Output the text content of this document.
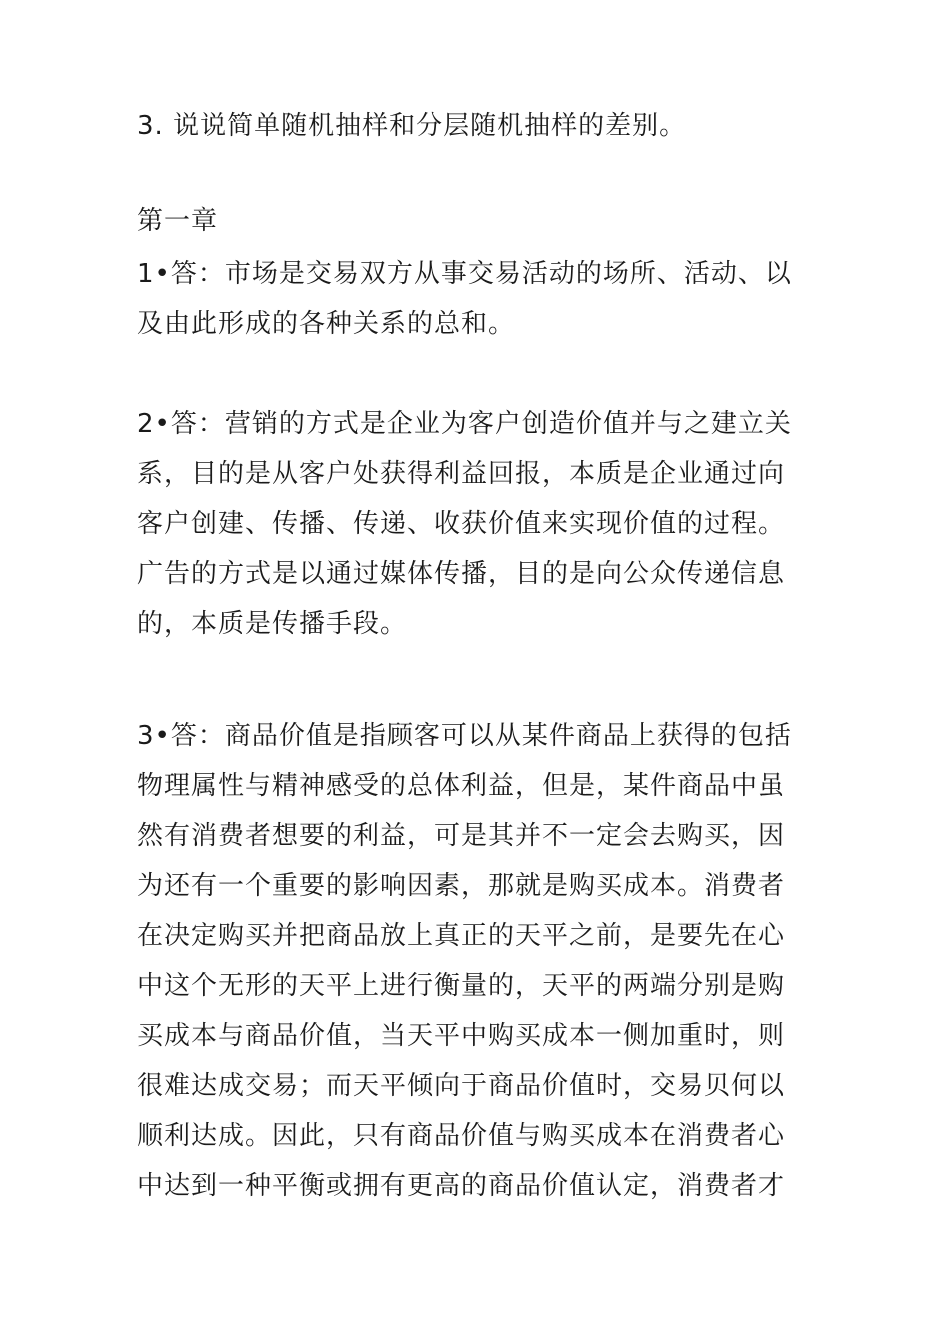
3. 说说简单随机抽样和分层随机抽样的差别。
第一章
1•答：市场是交易双方从事交易活动的场所、活动、以
及由此形成的各种关系的总和。
2•答：营销的方式是企业为客户创造价值并与之建立关
系，目的是从客户处获得利益回报，本质是企业通过向
客户创建、传播、传递、收获价值来实现价值的过程。
广告的方式是以通过媒体传播，目的是向公众传递信息
的，本质是传播手段。
3•答：商品价值是指顾客可以从某件商品上获得的包括
物理属性与精神感受的总体利益，但是，某件商品中虽
然有消费者想要的利益，可是其并不一定会去购买，因
为还有一个重要的影响因素，那就是购买成本。消费者
在决定购买并把商品放上真正的天平之前，是要先在心
中这个无形的天平上进行衡量的，天平的两端分别是购
买成本与商品价值，当天平中购买成本一侧加重时，则
很难达成交易；而天平倾向于商品价值时，交易贝何以
顺利达成。因此，只有商品价值与购买成本在消费者心
中达到一种平衡或拥有更高的商品价值认定，消费者才
